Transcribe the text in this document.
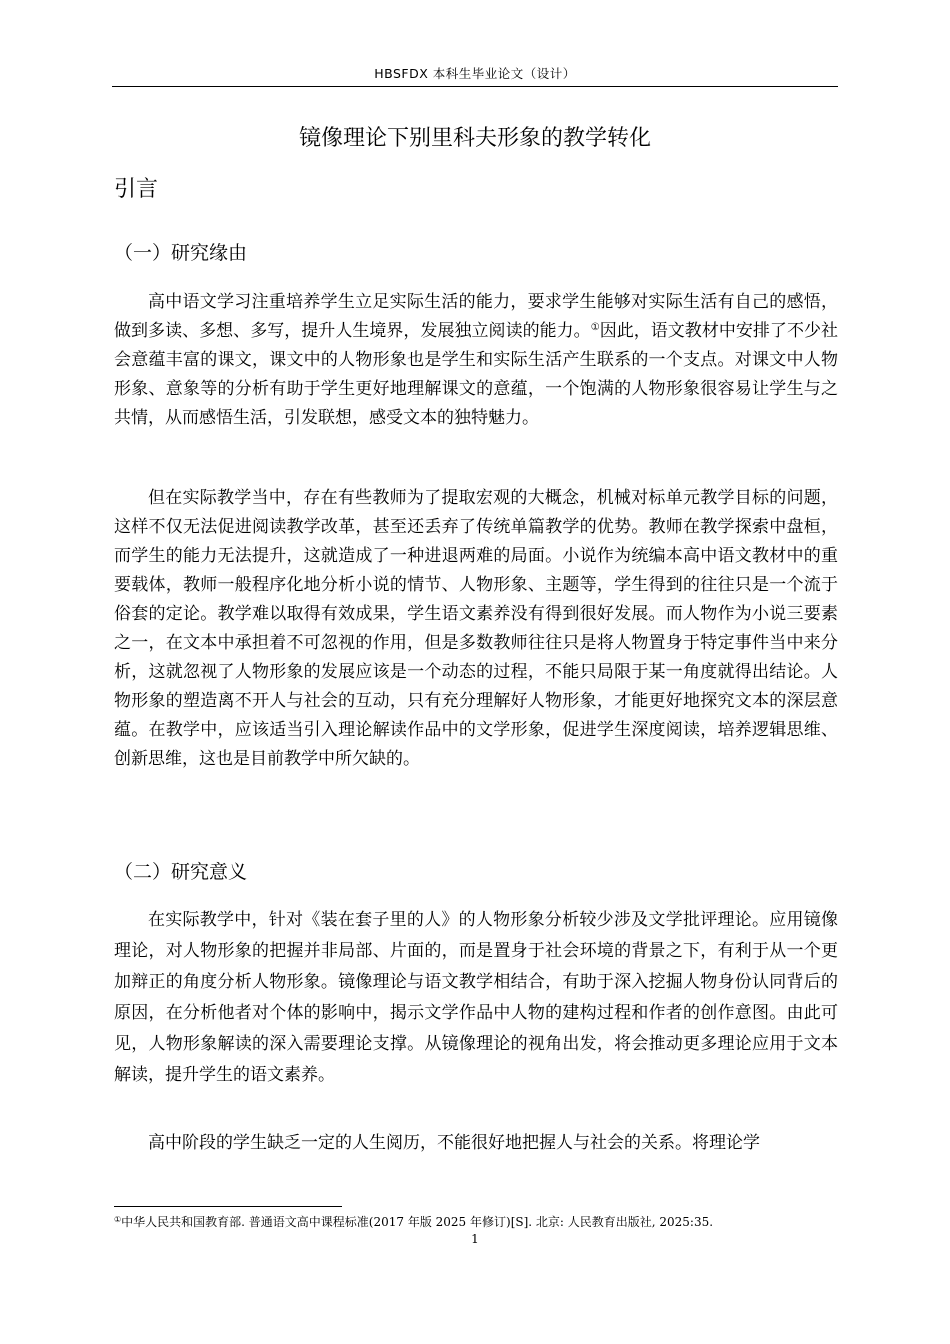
HBSFDX 本科生毕业论文（设计）
镜像理论下别里科夫形象的教学转化
引言
（一）研究缘由

高中语文学习注重培养学生立足实际生活的能力，要求学生能够对实际生活有自己的感悟，做到多读、多想、多写，提升人生境界，发展独立阅读的能力。①因此，语文教材中安排了不少社会意蕴丰富的课文，课文中的人物形象也是学生和实际生活产生联系的一个支点。对课文中人物形象、意象等的分析有助于学生更好地理解课文的意蕴，一个饱满的人物形象很容易让学生与之共情，从而感悟生活，引发联想，感受文本的独特魅力。

但在实际教学当中，存在有些教师为了提取宏观的大概念，机械对标单元教学目标的问题，这样不仅无法促进阅读教学改革，甚至还丢弃了传统单篇教学的优势。教师在教学探索中盘桓，而学生的能力无法提升，这就造成了一种进退两难的局面。小说作为统编本高中语文教材中的重要载体，教师一般程序化地分析小说的情节、人物形象、主题等，学生得到的往往只是一个流于俗套的定论。教学难以取得有效成果，学生语文素养没有得到很好发展。而人物作为小说三要素之一，在文本中承担着不可忽视的作用，但是多数教师往往只是将人物置身于特定事件当中来分析，这就忽视了人物形象的发展应该是一个动态的过程，不能只局限于某一角度就得出结论。人物形象的塑造离不开人与社会的互动，只有充分理解好人物形象，才能更好地探究文本的深层意蕴。在教学中，应该适当引入理论解读作品中的文学形象，促进学生深度阅读，培养逻辑思维、创新思维，这也是目前教学中所欠缺的。

（二）研究意义

在实际教学中，针对《装在套子里的人》的人物形象分析较少涉及文学批评理论。应用镜像理论，对人物形象的把握并非局部、片面的，而是置身于社会环境的背景之下，有利于从一个更加辩正的角度分析人物形象。镜像理论与语文教学相结合，有助于深入挖掘人物身份认同背后的原因，在分析他者对个体的影响中，揭示文学作品中人物的建构过程和作者的创作意图。由此可见，人物形象解读的深入需要理论支撑。从镜像理论的视角出发，将会推动更多理论应用于文本解读，提升学生的语文素养。

高中阶段的学生缺乏一定的人生阅历，不能很好地把握人与社会的关系。将理论学

①中华人民共和国教育部. 普通语文高中课程标准(2017 年版 2025 年修订)[S]. 北京: 人民教育出版社, 2025:35.
1
